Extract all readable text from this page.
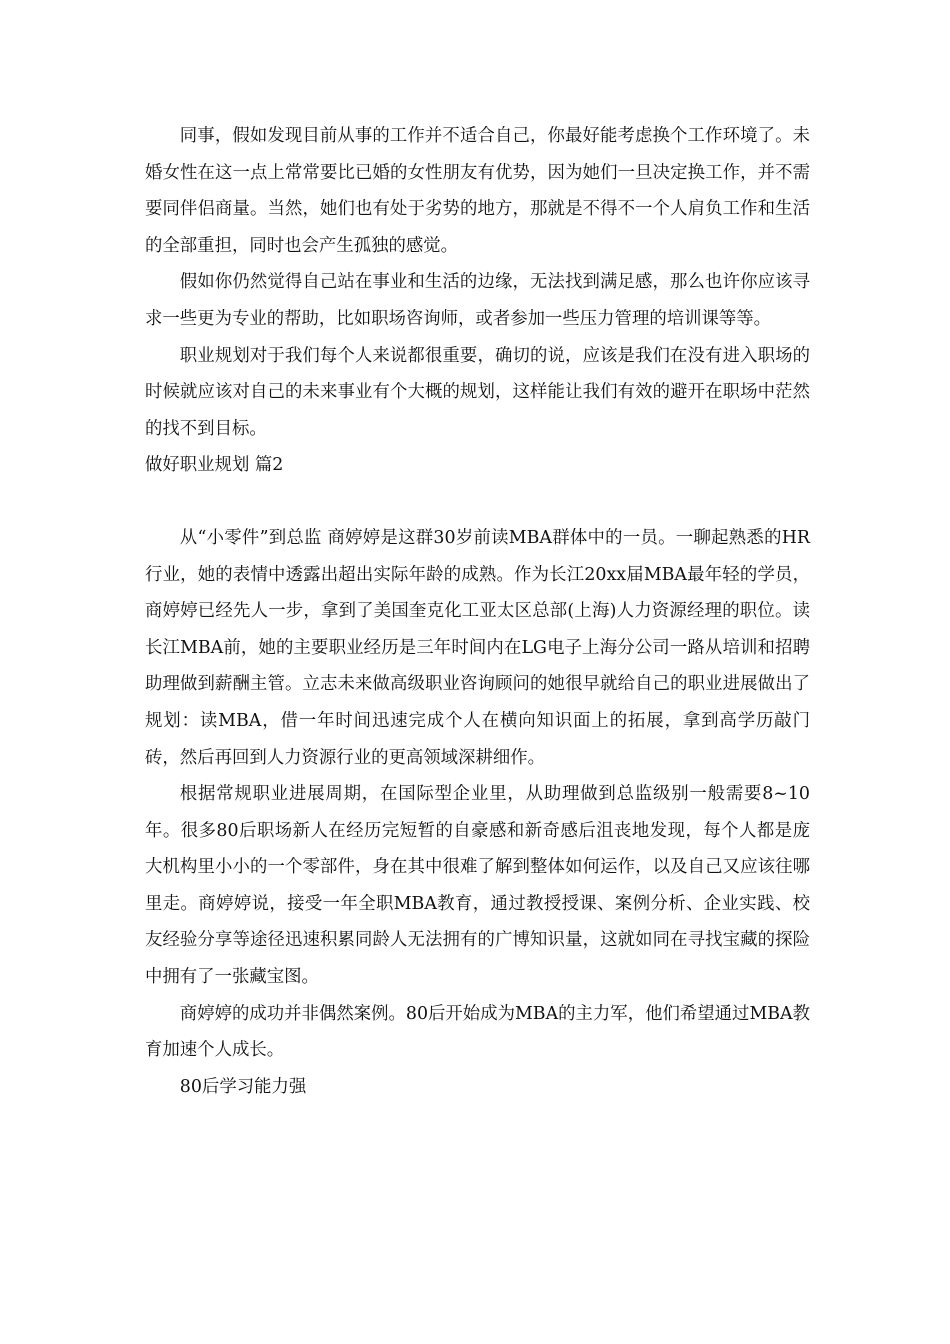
同事，假如发现目前从事的工作并不适合自己，你最好能考虑换个工作环境了。未婚女性在这一点上常常要比已婚的女性朋友有优势，因为她们一旦决定换工作，并不需要同伴侣商量。当然，她们也有处于劣势的地方，那就是不得不一个人肩负工作和生活的全部重担，同时也会产生孤独的感觉。

假如你仍然觉得自己站在事业和生活的边缘，无法找到满足感，那么也许你应该寻求一些更为专业的帮助，比如职场咨询师，或者参加一些压力管理的培训课等等。

职业规划对于我们每个人来说都很重要，确切的说，应该是我们在没有进入职场的时候就应该对自己的未来事业有个大概的规划，这样能让我们有效的避开在职场中茫然的找不到目标。

做好职业规划 篇2

从“小零件”到总监 商婷婷是这群30岁前读MBA群体中的一员。一聊起熟悉的HR行业，她的表情中透露出超出实际年龄的成熟。作为长江20xx届MBA最年轻的学员，商婷婷已经先人一步，拿到了美国奎克化工亚太区总部(上海)人力资源经理的职位。读长江MBA前，她的主要职业经历是三年时间内在LG电子上海分公司一路从培训和招聘助理做到薪酬主管。立志未来做高级职业咨询顾问的她很早就给自己的职业进展做出了规划：读MBA，借一年时间迅速完成个人在横向知识面上的拓展，拿到高学历敲门砖，然后再回到人力资源行业的更高领域深耕细作。

根据常规职业进展周期，在国际型企业里，从助理做到总监级别一般需要8~10年。很多80后职场新人在经历完短暂的自豪感和新奇感后沮丧地发现，每个人都是庞大机构里小小的一个零部件，身在其中很难了解到整体如何运作，以及自己又应该往哪里走。商婷婷说，接受一年全职MBA教育，通过教授授课、案例分析、企业实践、校友经验分享等途径迅速积累同龄人无法拥有的广博知识量，这就如同在寻找宝藏的探险中拥有了一张藏宝图。

商婷婷的成功并非偶然案例。80后开始成为MBA的主力军，他们希望通过MBA教育加速个人成长。

80后学习能力强
